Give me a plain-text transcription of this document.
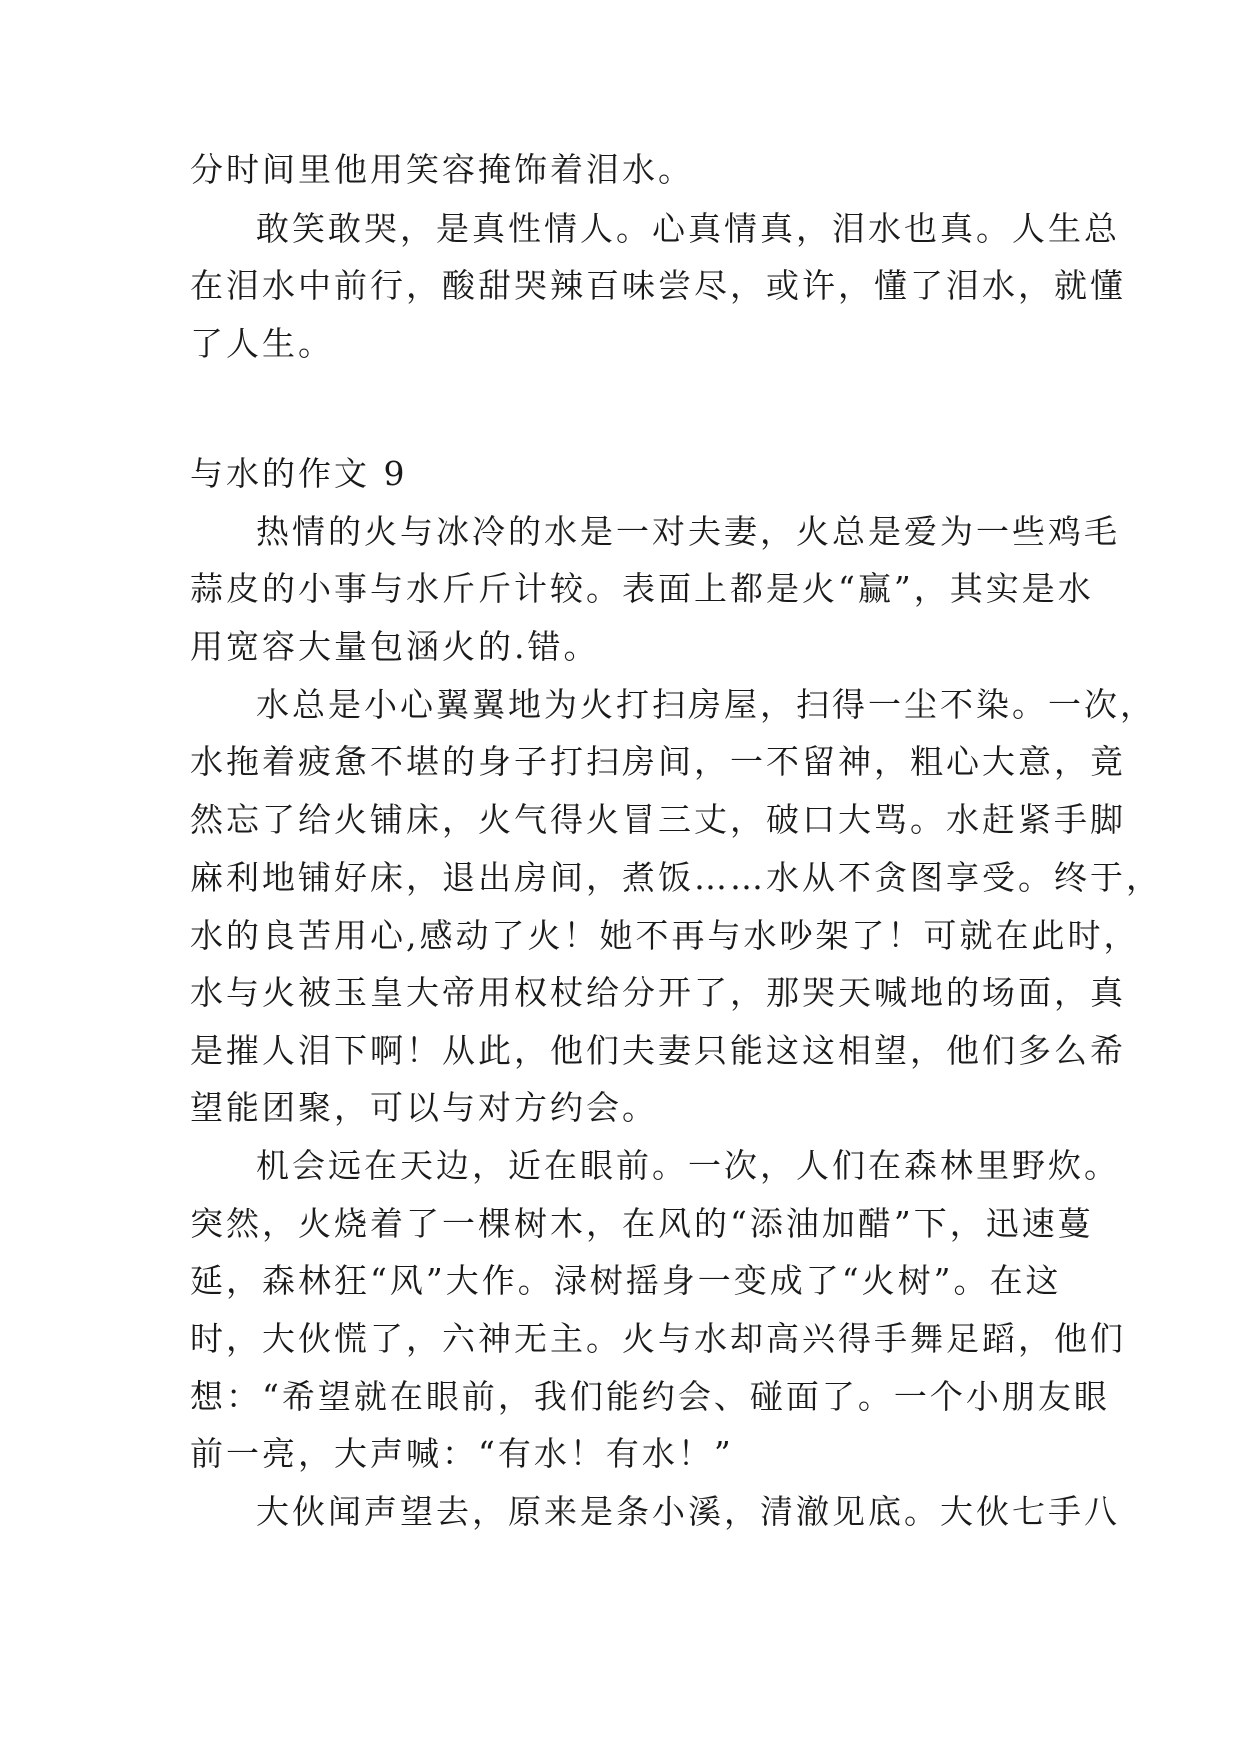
分时间里他用笑容掩饰着泪水。
敢笑敢哭，是真性情人。心真情真，泪水也真。人生总
在泪水中前行，酸甜哭辣百味尝尽，或许，懂了泪水，就懂
了人生。
与水的作文 9
热情的火与冰冷的水是一对夫妻，火总是爱为一些鸡毛
蒜皮的小事与水斤斤计较。表面上都是火“赢”，其实是水
用宽容大量包涵火的.错。
水总是小心翼翼地为火打扫房屋，扫得一尘不染。一次，
水拖着疲惫不堪的身子打扫房间，一不留神，粗心大意，竟
然忘了给火铺床，火气得火冒三丈，破口大骂。水赶紧手脚
麻利地铺好床，退出房间，煮饭……水从不贪图享受。终于，
水的良苦用心,感动了火！她不再与水吵架了！可就在此时，
水与火被玉皇大帝用权杖给分开了，那哭天喊地的场面，真
是摧人泪下啊！从此，他们夫妻只能这这相望，他们多么希
望能团聚，可以与对方约会。
机会远在天边，近在眼前。一次，人们在森林里野炊。
突然，火烧着了一棵树木，在风的“添油加醋”下，迅速蔓
延，森林狂“风”大作。渌树摇身一变成了“火树”。在这
时，大伙慌了，六神无主。火与水却高兴得手舞足蹈，他们
想：“希望就在眼前，我们能约会、碰面了。一个小朋友眼
前一亮，大声喊：“有水！有水！”
大伙闻声望去，原来是条小溪，清澈见底。大伙七手八
